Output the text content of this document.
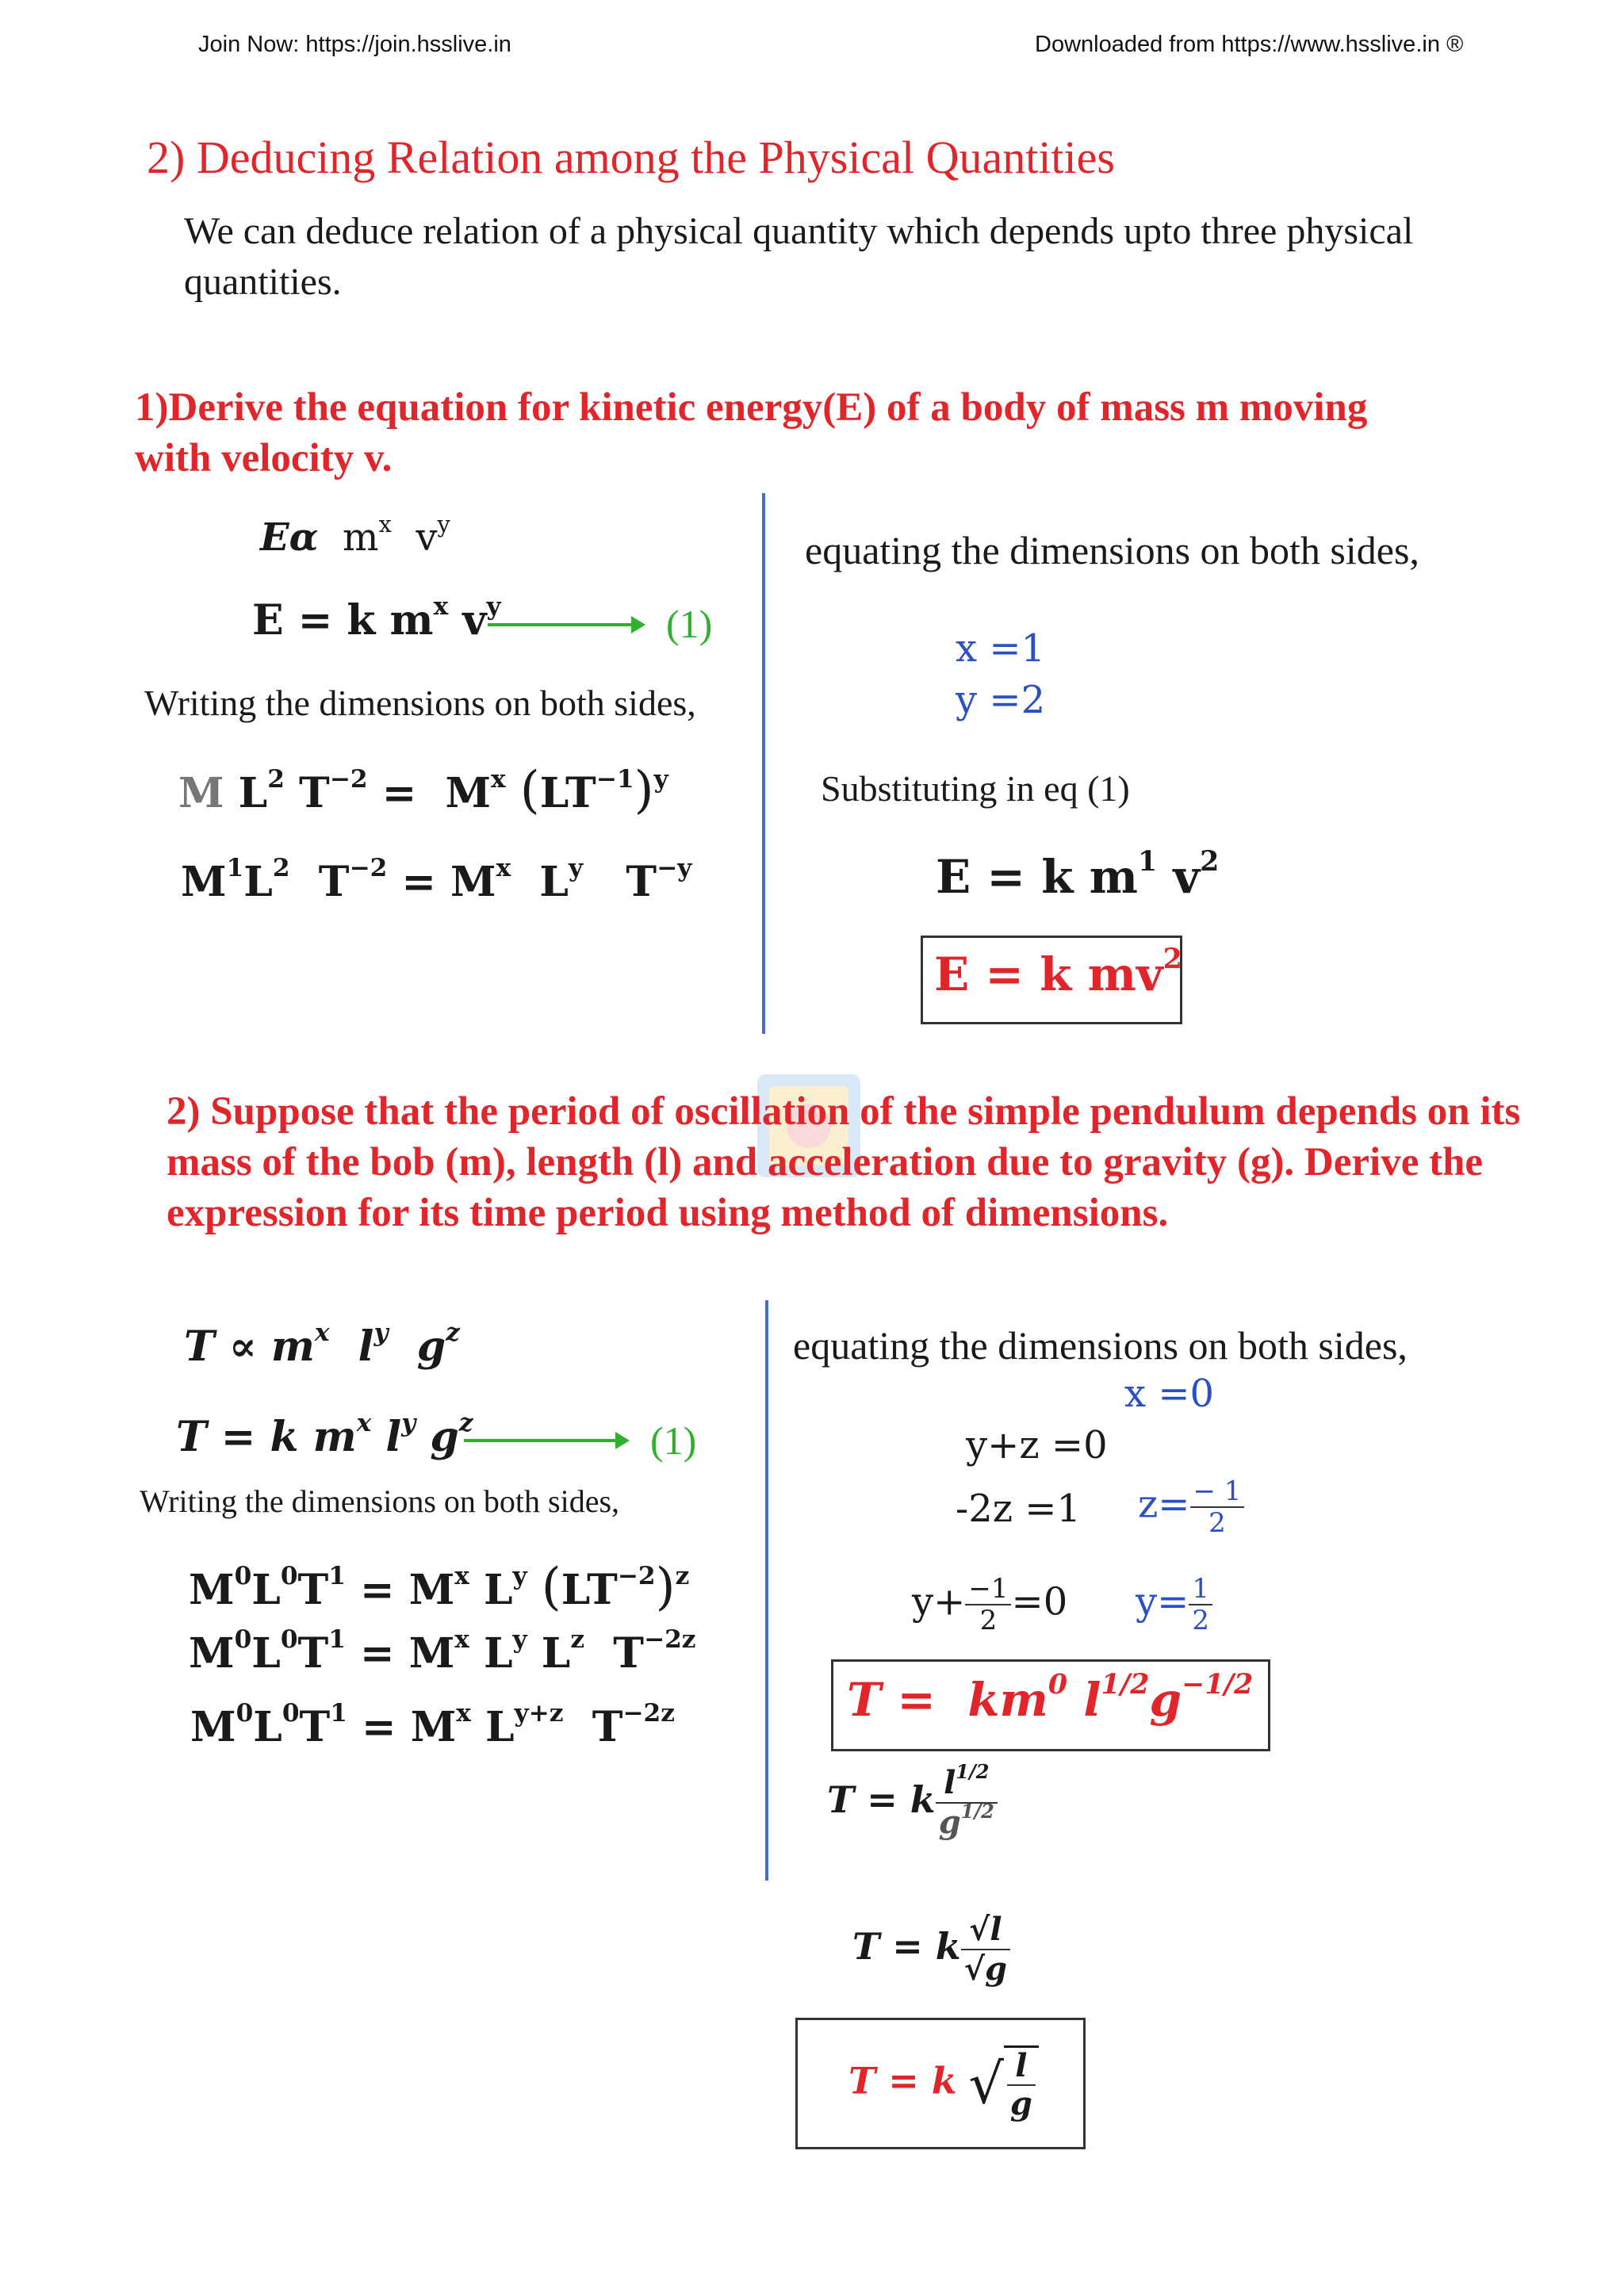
Join Now: https://join.hsslive.in	Downloaded from https://www.hsslive.in ®
2) Deducing Relation among the Physical Quantities
We can deduce relation of a physical quantity which depends upto three physical quantities.
1)Derive the equation for kinetic energy(E) of a body of mass m moving with velocity v.
Eα  $m^x$  $v^y$
E = k $m^x$ $v^y$	(1)
Writing the dimensions on both sides,
M $L^2$ $T^{-2} = M^x$ $(LT^{-1})^y$
$M^1L^2$  $T^{-2} = M^x$  $L^y$   $T^{-y}$
equating the dimensions on both sides,
x =1
y =2
Substituting in eq (1)
E = k $m^1$ $v^2$
E = k $mv^2$
2) Suppose that the period of oscillation of the simple pendulum depends on its mass of the bob (m), length (l) and acceleration due to gravity (g). Derive the expression for its time period using method of dimensions.
$T \propto m^x$  $l^y$  $g^z$
T = k $m^x$ $l^y$ $g^z$	(1)
Writing the dimensions on both sides,
$M^0L^0T^1 = M^x$ $L^y$ $(LT^{-2})^z$
$M^0L^0T^1 = M^x$ $L^y$ $L^z$  $T^{-2z}$
$M^0L^0T^1 = M^x$ $L^{y+z}$  $T^{-2z}$
equating the dimensions on both sides,
x =0
y+z =0
-2z =1 $z= \frac{- 1}{2}$
$y+ \frac{-1}{2} =0$ $y= \frac{1}{2}$
$T = km^0$ $l^{1/2}g^{-1/2}$
T = k $\frac{l^{1/2}}{g^{1/2}}$
T = k $\frac{√l}{√g}$
T = k √ $\frac{l}{g}$
